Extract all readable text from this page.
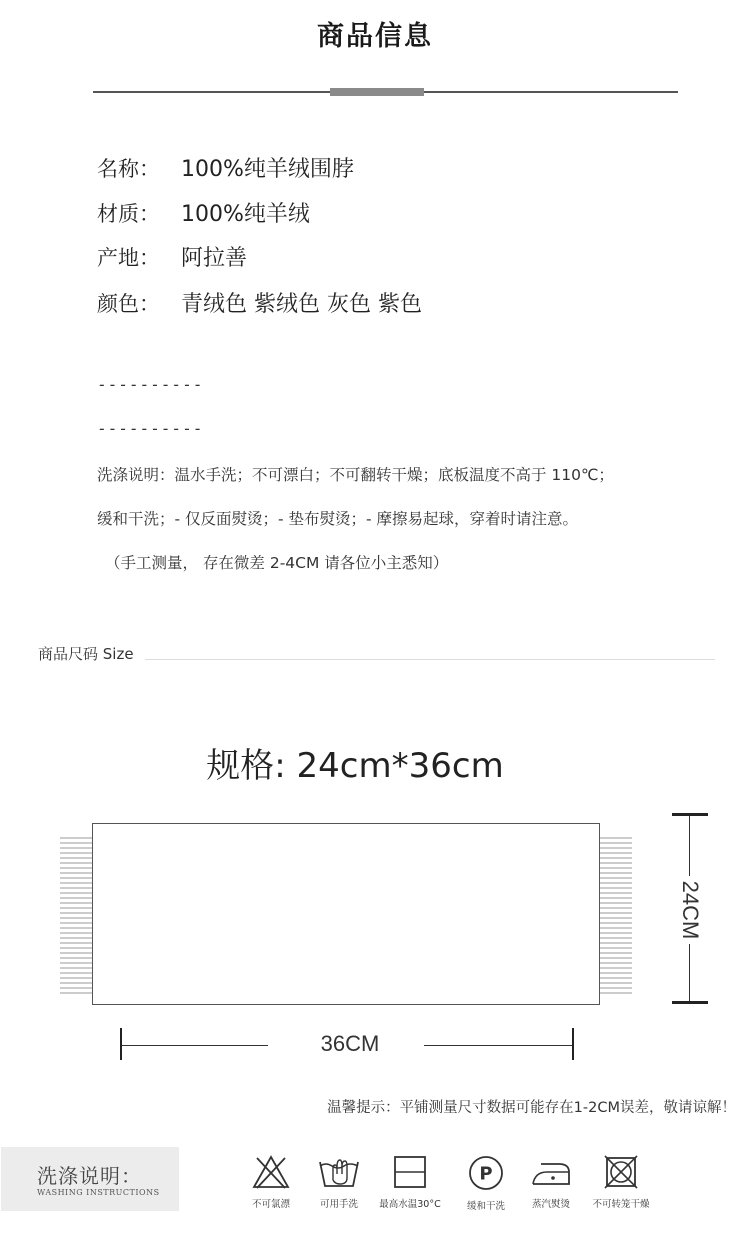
商品信息
名称： 100%纯羊绒围脖
材质： 100%纯羊绒
产地： 阿拉善
颜色： 青绒色 紫绒色 灰色 紫色
----------
----------
洗涤说明：温水手洗；不可漂白；不可翻转干燥；底板温度不高于 110℃；
缓和干洗；- 仅反面熨烫；- 垫布熨烫；- 摩擦易起球，穿着时请注意。
（手工测量， 存在微差 2-4CM 请各位小主悉知）
商品尺码 Size
规格: 24cm*36cm
36CM
24CM
温馨提示：平铺测量尺寸数据可能存在1-2CM误差，敬请谅解！
洗涤说明：
WASHING INSTRUCTIONS
不可氯漂	可用手洗	最高水温30°C
P
缓和干洗	蒸汽熨烫	不可转笼干燥
